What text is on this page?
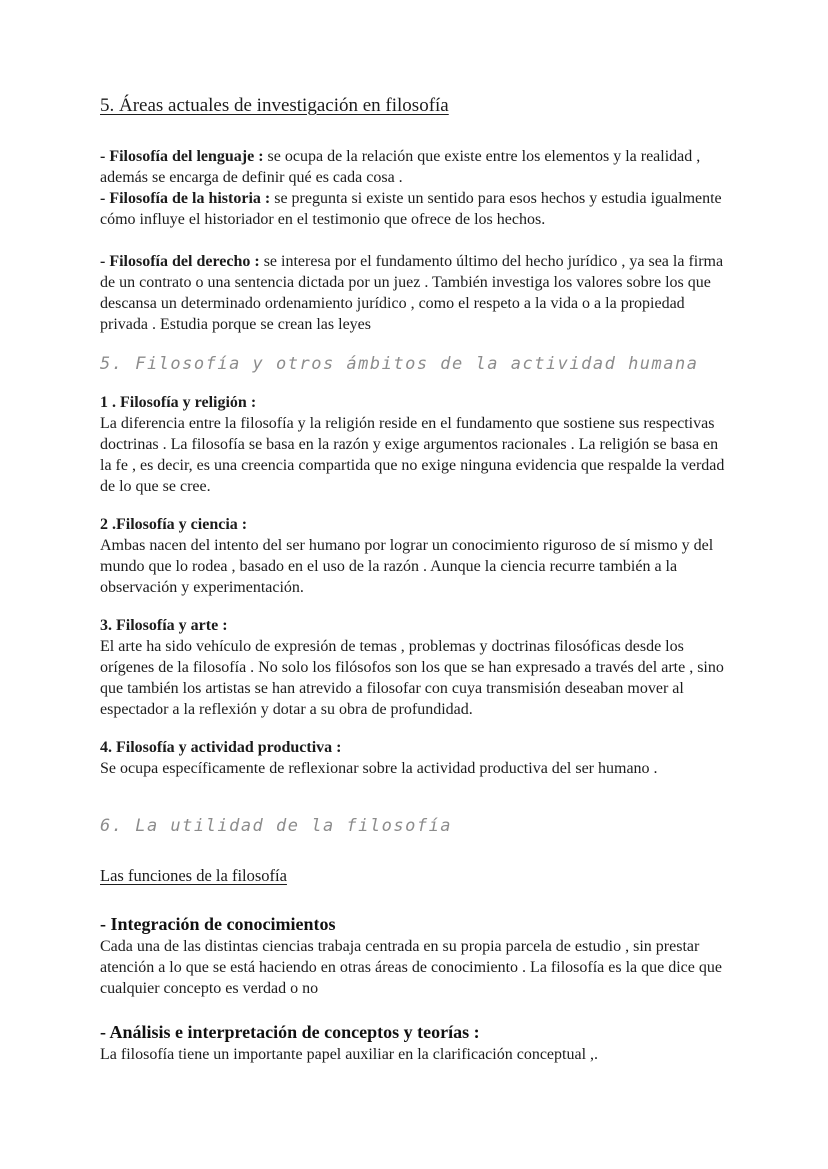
5. Áreas actuales de investigación en filosofía

- Filosofía del lenguaje : se ocupa de la relación que existe entre los elementos y la realidad , además se encarga de definir qué es cada cosa .

- Filosofía de la historia : se pregunta si existe un sentido para esos hechos y estudia igualmente cómo influye el historiador en el testimonio que ofrece de los hechos.

- Filosofía del derecho : se interesa por el fundamento último del hecho jurídico , ya sea la firma de un contrato o una sentencia dictada por un juez . También investiga los valores sobre los que descansa un determinado ordenamiento jurídico , como el respeto a la vida o a la propiedad privada . Estudia porque se crean las leyes

5. Filosofía y otros ámbitos de la actividad humana

1 . Filosofía y religión :

La diferencia entre la filosofía y la religión reside en el fundamento que sostiene sus respectivas doctrinas . La filosofía se basa en la razón y exige argumentos racionales . La religión se basa en la fe , es decir, es una creencia compartida que no exige ninguna evidencia que respalde la verdad de lo que se cree.

2 .Filosofía y ciencia :

Ambas nacen del intento del ser humano por lograr un conocimiento riguroso de sí mismo y del mundo que lo rodea , basado en el uso de la razón . Aunque la ciencia recurre también a la observación y experimentación.

3. Filosofía y arte :

El arte ha sido vehículo de expresión de temas , problemas y doctrinas filosóficas desde los orígenes de la filosofía . No solo los filósofos son los que se han expresado a través del arte , sino que también los artistas se han atrevido a filosofar con cuya transmisión deseaban mover al espectador a la reflexión y dotar a su obra de profundidad.

4. Filosofía y actividad productiva :

Se ocupa específicamente de reflexionar sobre la actividad productiva del ser humano .

6. La utilidad de la filosofía
Las funciones de la filosofía

- Integración de conocimientos

Cada una de las distintas ciencias trabaja centrada en su propia parcela de estudio , sin prestar atención a lo que se está haciendo en otras áreas de conocimiento . La filosofía es la que dice que cualquier concepto es verdad o no

- Análisis e interpretación de conceptos y teorías :

La filosofía tiene un importante papel auxiliar en la clarificación conceptual ,.
